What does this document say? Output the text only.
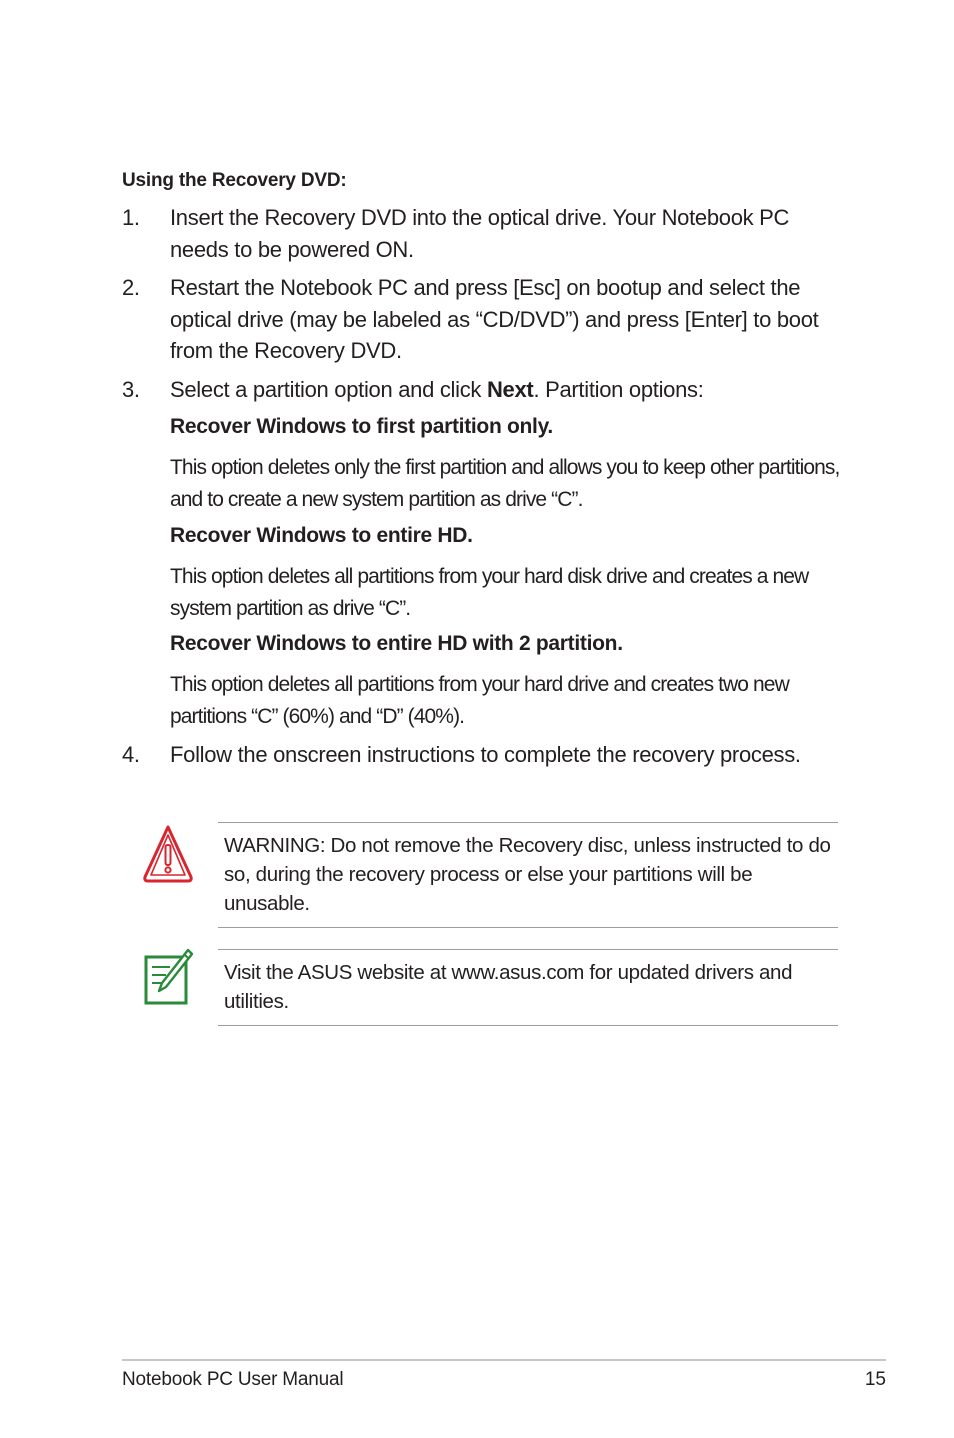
Using the Recovery DVD:
1. Insert the Recovery DVD into the optical drive. Your Notebook PC needs to be powered ON.
2. Restart the Notebook PC and press [Esc] on bootup and select the optical drive (may be labeled as “CD/DVD”) and press [Enter] to boot from the Recovery DVD.
3. Select a partition option and click Next. Partition options:
Recover Windows to first partition only.
This option deletes only the first partition and allows you to keep other partitions, and to create a new system partition as drive “C”.
Recover Windows to entire HD.
This option deletes all partitions from your hard disk drive and creates a new system partition as drive “C”.
Recover Windows to entire HD with 2 partition.
This option deletes all partitions from your hard drive and creates two new partitions “C” (60%) and “D” (40%).
4. Follow the onscreen instructions to complete the recovery process.
WARNING: Do not remove the Recovery disc, unless instructed to do so, during the recovery process or else your partitions will be unusable.
Visit the ASUS website at www.asus.com for updated drivers and utilities.
Notebook PC User Manual	15
